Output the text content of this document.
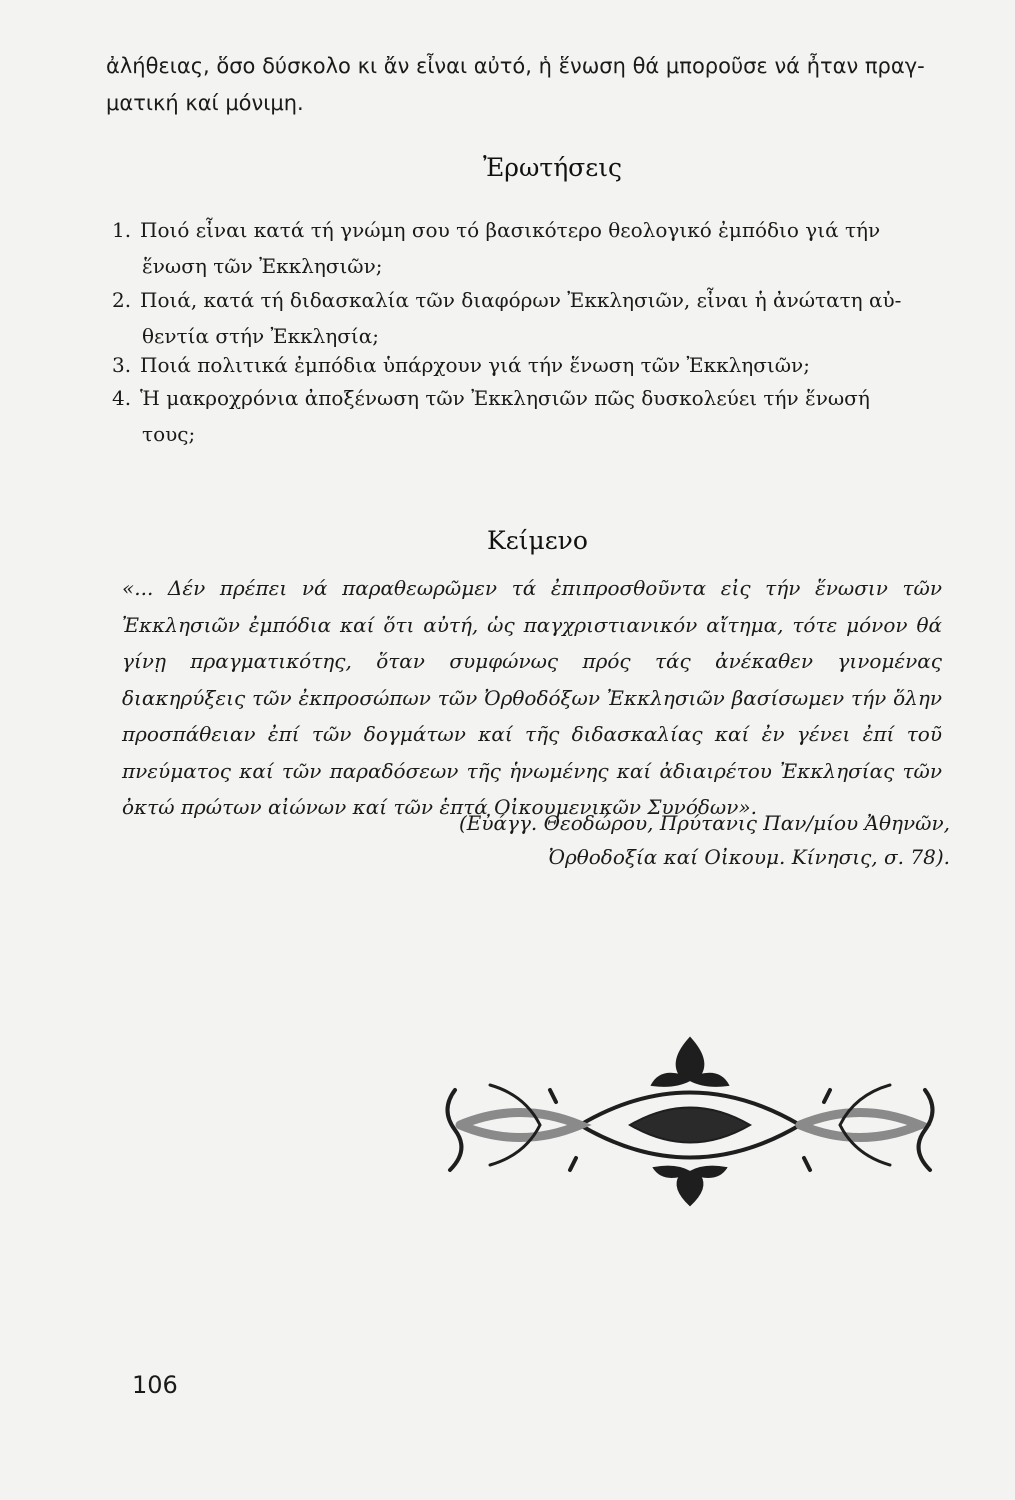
ἀλήθειας, ὅσο δύσκολο κι ἄν εἶναι αὐτό, ἡ ἕνωση θά μποροῦσε νά ἦταν πραγ-
ματική καί μόνιμη.
Ἐρωτήσεις
1. Ποιό εἶναι κατά τή γνώμη σου τό βασικότερο θεολογικό ἐμπόδιο γιά τήν
ἕνωση τῶν Ἐκκλησιῶν;
2. Ποιά, κατά τή διδασκαλία τῶν διαφόρων Ἐκκλησιῶν, εἶναι ἡ ἀνώτατη αὐ-
θεντία στήν Ἐκκλησία;
3. Ποιά πολιτικά ἐμπόδια ὑπάρχουν γιά τήν ἕνωση τῶν Ἐκκλησιῶν;
4. Ἡ μακροχρόνια ἀποξένωση τῶν Ἐκκλησιῶν πῶς δυσκολεύει τήν ἕνωσή
τους;
Κείμενο

«... Δέν πρέπει νά παραθεωρῶμεν τά ἐπιπροσθοῦντα εἰς τήν ἕνωσιν τῶν Ἐκκλησιῶν ἐμπόδια καί ὅτι αὐτή, ὡς παγχριστιανικόν αἴτημα, τότε μόνον θά γίνῃ πραγματικότης, ὅταν συμφώνως πρός τάς ἀνέκαθεν γινομένας διακηρύξεις τῶν ἐκπροσώπων τῶν Ὀρθοδόξων Ἐκκλησιῶν βασίσωμεν τήν ὅλην προσπάθειαν ἐπί τῶν δογμάτων καί τῆς διδασκαλίας καί ἐν γένει ἐπί τοῦ πνεύματος καί τῶν παραδόσεων τῆς ἡνωμένης καί ἀδιαιρέτου Ἐκκλησίας τῶν ὀκτώ πρώτων αἰώνων καί τῶν ἑπτά Οἰκουμενικῶν Συνόδων».

(Εὐάγγ. Θεοδώρου, Πρύτανις Παν/μίου Ἀθηνῶν,
Ὀρθοδοξία καί Οἰκουμ. Κίνησις, σ. 78).
106
